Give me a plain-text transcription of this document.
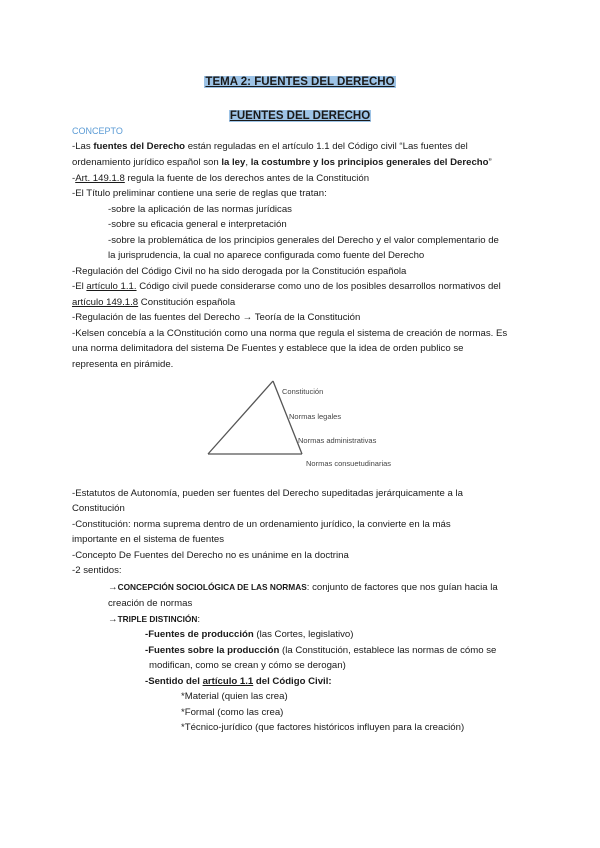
TEMA 2: FUENTES DEL DERECHO
FUENTES DEL DERECHO
CONCEPTO
-Las fuentes del Derecho están reguladas en el artículo 1.1 del Código civil “Las fuentes del
ordenamiento jurídico español son la ley, la costumbre y los principios generales del Derecho”
-Art. 149.1.8 regula la fuente de los derechos antes de la Constitución
-El Título preliminar contiene una serie de reglas que tratan:
-sobre la aplicación de las normas jurídicas
-sobre su eficacia general e interpretación
-sobre la problemática de los principios generales del Derecho y el valor complementario de
la jurisprudencia, la cual no aparece configurada como fuente del Derecho
-Regulación del Código Civil no ha sido derogada por la Constitución española
-El artículo 1.1. Código civil puede considerarse como uno de los posibles desarrollos normativos del
artículo 149.1.8 Constitución española
-Regulación de las fuentes del Derecho → Teoría de la Constitución
-Kelsen concebía a la COnstitución como una norma que regula el sistema de creación de normas. Es
una norma delimitadora del sistema De Fuentes y establece que la idea de orden publico se
representa en pirámide.
Constitución
Normas legales
Normas administrativas
Normas consuetudinarias
-Estatutos de Autonomía, pueden ser fuentes del Derecho supeditadas jerárquicamente a la
Constitución
-Constitución: norma suprema dentro de un ordenamiento jurídico, la convierte en la más
importante en el sistema de fuentes
-Concepto De Fuentes del Derecho no es unánime en la doctrina
-2 sentidos:
→CONCEPCIÓN SOCIOLÓGICA DE LAS NORMAS: conjunto de factores que nos guían hacia la
creación de normas
→TRIPLE DISTINCIÓN:
-Fuentes de producción (las Cortes, legislativo)
-Fuentes sobre la producción (la Constitución, establece las normas de cómo se
modifican, como se crean y cómo se derogan)
-Sentido del artículo 1.1 del Código Civil:
*Material (quien las crea)
*Formal (como las crea)
*Técnico-jurídico (que factores históricos influyen para la creación)
